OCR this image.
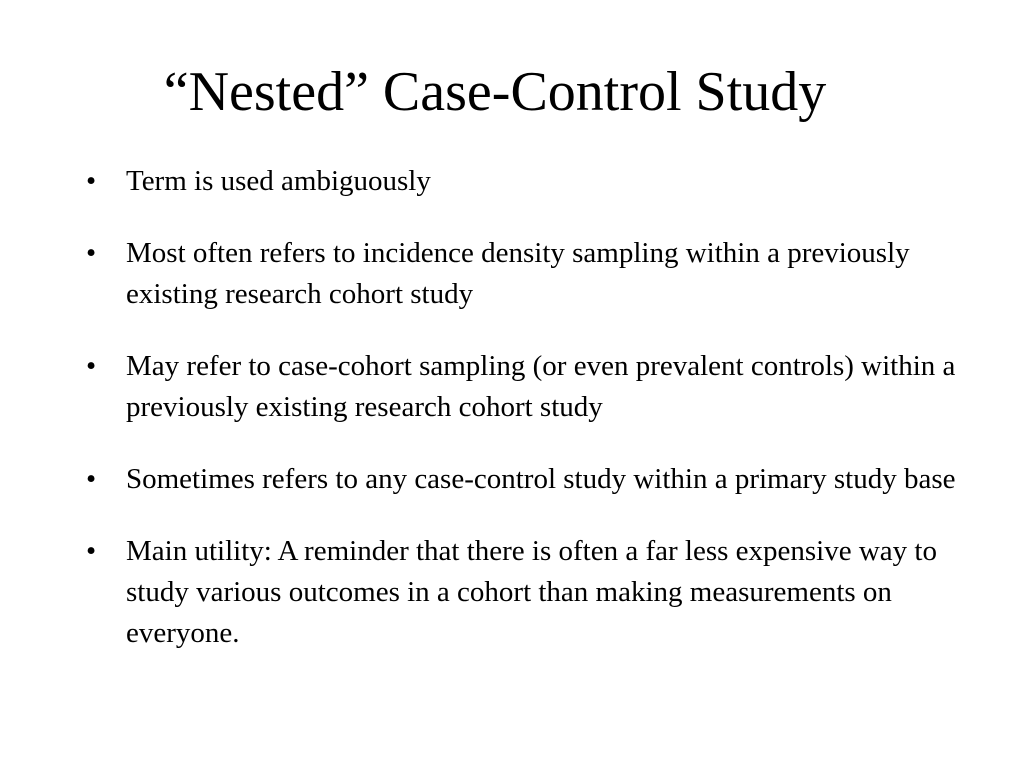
“Nested” Case-Control Study
• Term is used ambiguously
• Most often refers to incidence density sampling within a previously existing research cohort study
• May refer to case-cohort sampling (or even prevalent controls) within a previously existing research cohort study
• Sometimes refers to any case-control study within a primary study base
• Main utility: A reminder that there is often a far less expensive way to study various outcomes in a cohort than making measurements on everyone.
